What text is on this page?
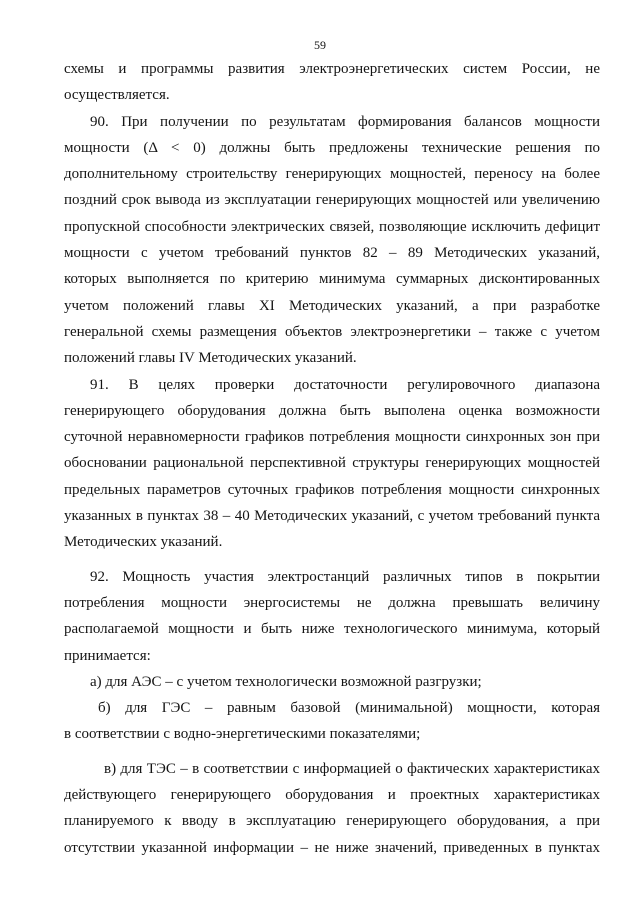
59
схемы и программы развития электроэнергетических систем России, не
осуществляется.
90. При получении по результатам формирования балансов мощности
мощности (Δ < 0) должны быть предложены технические решения по
дополнительному строительству генерирующих мощностей, переносу на более
поздний срок вывода из эксплуатации генерирующих мощностей или увеличению
пропускной способности электрических связей, позволяющие исключить дефицит
мощности с учетом требований пунктов 82 – 89 Методических указаний,
которых выполняется по критерию минимума суммарных дисконтированных
учетом положений главы XI Методических указаний, а при разработке
генеральной схемы размещения объектов электроэнергетики – также с учетом
положений главы IV Методических указаний.
91. В целях проверки достаточности регулировочного диапазона
генерирующего оборудования должна быть выполена оценка возможности
суточной неравномерности графиков потребления мощности синхронных зон при
обосновании рациональной перспективной структуры генерирующих мощностей
предельных параметров суточных графиков потребления мощности синхронных
указанных в пунктах 38 – 40 Методических указаний, с учетом требований пункта
Методических указаний.
92. Мощность участия электростанций различных типов в покрытии
потребления мощности энергосистемы не должна превышать величину
располагаемой мощности и быть ниже технологического минимума, который
принимается:
а) для АЭС – с учетом технологически возможной разгрузки;
б) для ГЭС – равным базовой (минимальной) мощности, которая
в соответствии с водно-энергетическими показателями;
в) для ТЭС – в соответствии с информацией о фактических характеристиках
действующего генерирующего оборудования и проектных характеристиках
планируемого к вводу в эксплуатацию генерирующего оборудования, а при
отсутствии указанной информации – не ниже значений, приведенных в пунктах
